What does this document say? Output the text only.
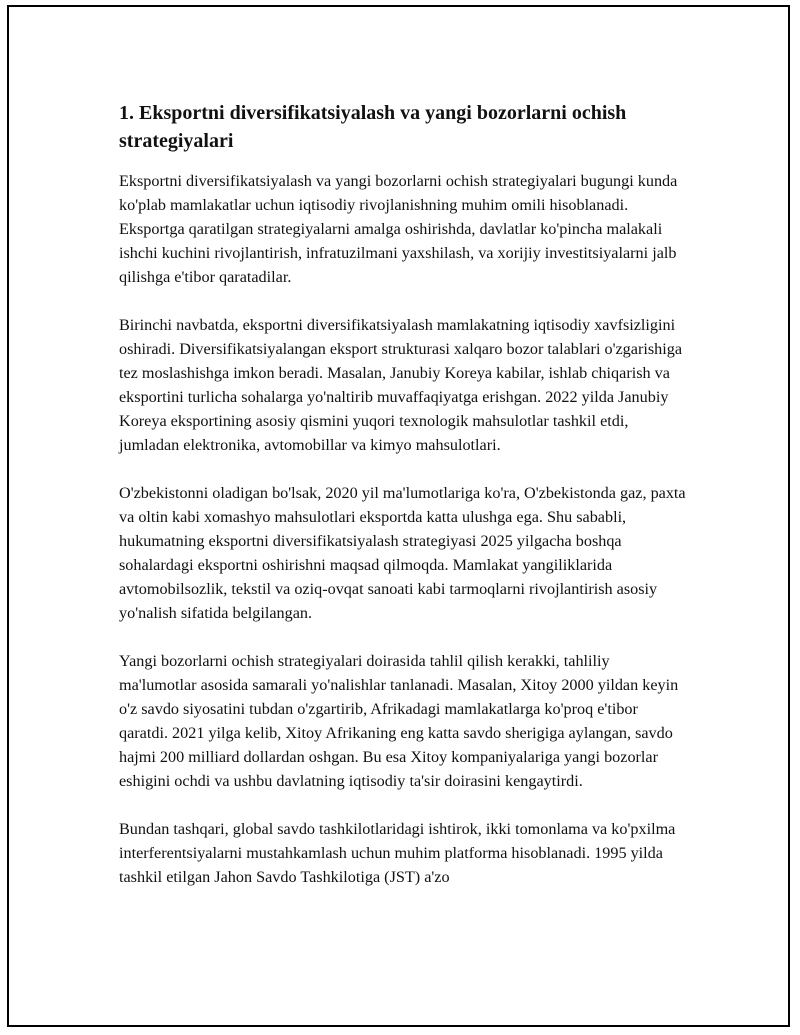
1. Eksportni diversifikatsiyalash va yangi bozorlarni ochish strategiyalari

Eksportni diversifikatsiyalash va yangi bozorlarni ochish strategiyalari bugungi kunda ko'plab mamlakatlar uchun iqtisodiy rivojlanishning muhim omili hisoblanadi. Eksportga qaratilgan strategiyalarni amalga oshirishda, davlatlar ko'pincha malakali ishchi kuchini rivojlantirish, infratuzilmani yaxshilash, va xorijiy investitsiyalarni jalb qilishga e'tibor qaratadilar.

Birinchi navbatda, eksportni diversifikatsiyalash mamlakatning iqtisodiy xavfsizligini oshiradi. Diversifikatsiyalangan eksport strukturasi xalqaro bozor talablari o'zgarishiga tez moslashishga imkon beradi. Masalan, Janubiy Koreya kabilar, ishlab chiqarish va eksportini turlicha sohalarga yo'naltirib muvaffaqiyatga erishgan. 2022 yilda Janubiy Koreya eksportining asosiy qismini yuqori texnologik mahsulotlar tashkil etdi, jumladan elektronika, avtomobillar va kimyo mahsulotlari.

O'zbekistonni oladigan bo'lsak, 2020 yil ma'lumotlariga ko'ra, O'zbekistonda gaz, paxta va oltin kabi xomashyo mahsulotlari eksportda katta ulushga ega. Shu sababli, hukumatning eksportni diversifikatsiyalash strategiyasi 2025 yilgacha boshqa sohalardagi eksportni oshirishni maqsad qilmoqda. Mamlakat yangiliklarida avtomobilsozlik, tekstil va oziq-ovqat sanoati kabi tarmoqlarni rivojlantirish asosiy yo'nalish sifatida belgilangan.

Yangi bozorlarni ochish strategiyalari doirasida tahlil qilish kerakki, tahliliy ma'lumotlar asosida samarali yo'nalishlar tanlanadi. Masalan, Xitoy 2000 yildan keyin o'z savdo siyosatini tubdan o'zgartirib, Afrikadagi mamlakatlarga ko'proq e'tibor qaratdi. 2021 yilga kelib, Xitoy Afrikaning eng katta savdo sherigiga aylangan, savdo hajmi 200 milliard dollardan oshgan. Bu esa Xitoy kompaniyalariga yangi bozorlar eshigini ochdi va ushbu davlatning iqtisodiy ta'sir doirasini kengaytirdi.

Bundan tashqari, global savdo tashkilotlaridagi ishtirok, ikki tomonlama va ko'pxilma interferentsiyalarni mustahkamlash uchun muhim platforma hisoblanadi. 1995 yilda tashkil etilgan Jahon Savdo Tashkilotiga (JST) a'zo
